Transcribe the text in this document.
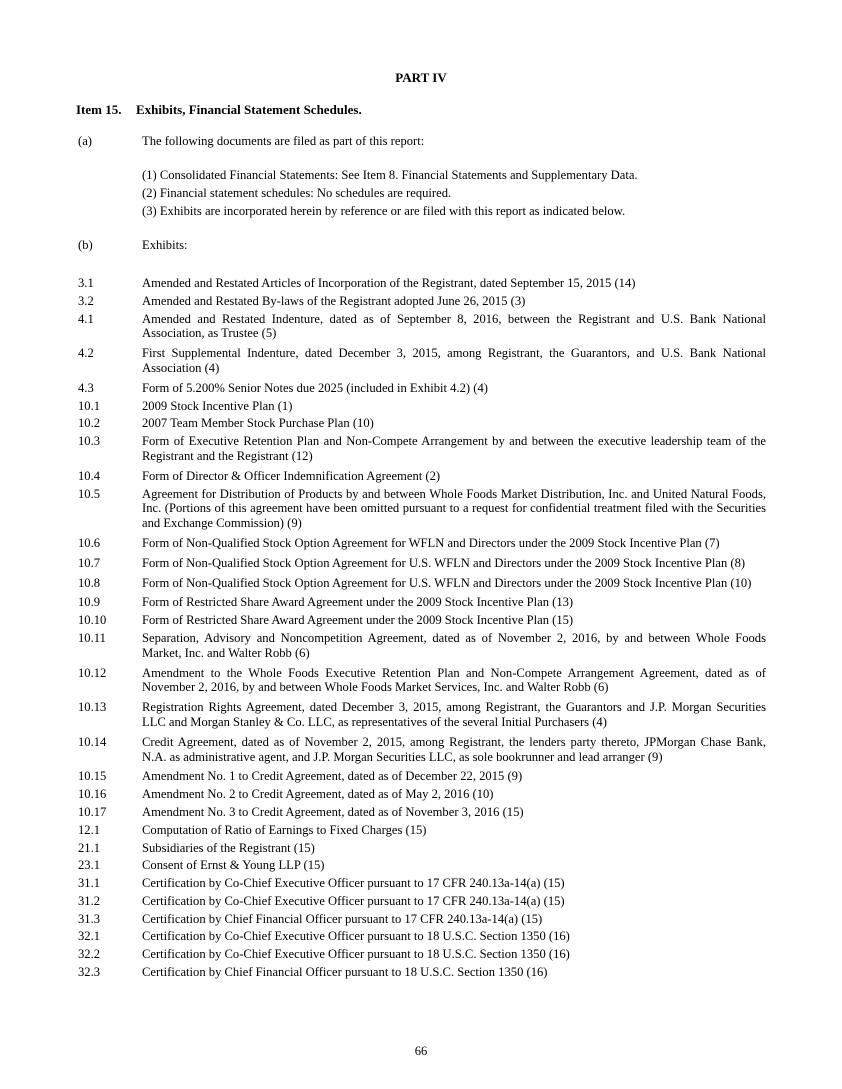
PART IV
Item 15. Exhibits, Financial Statement Schedules.
(a)	The following documents are filed as part of this report:
(1) Consolidated Financial Statements: See Item 8. Financial Statements and Supplementary Data.
(2) Financial statement schedules: No schedules are required.
(3) Exhibits are incorporated herein by reference or are filed with this report as indicated below.
(b)	Exhibits:
3.1	Amended and Restated Articles of Incorporation of the Registrant, dated September 15, 2015 (14)
3.2	Amended and Restated By-laws of the Registrant adopted June 26, 2015 (3)
4.1	Amended and Restated Indenture, dated as of September 8, 2016, between the Registrant and U.S. Bank National Association, as Trustee (5)
4.2	First Supplemental Indenture, dated December 3, 2015, among Registrant, the Guarantors, and U.S. Bank National Association (4)
4.3	Form of 5.200% Senior Notes due 2025 (included in Exhibit 4.2) (4)
10.1	2009 Stock Incentive Plan (1)
10.2	2007 Team Member Stock Purchase Plan (10)
10.3	Form of Executive Retention Plan and Non-Compete Arrangement by and between the executive leadership team of the Registrant and the Registrant (12)
10.4	Form of Director & Officer Indemnification Agreement (2)
10.5	Agreement for Distribution of Products by and between Whole Foods Market Distribution, Inc. and United Natural Foods, Inc. (Portions of this agreement have been omitted pursuant to a request for confidential treatment filed with the Securities and Exchange Commission) (9)
10.6	Form of Non-Qualified Stock Option Agreement for WFLN and Directors under the 2009 Stock Incentive Plan (7)
10.7	Form of Non-Qualified Stock Option Agreement for U.S. WFLN and Directors under the 2009 Stock Incentive Plan (8)
10.8	Form of Non-Qualified Stock Option Agreement for U.S. WFLN and Directors under the 2009 Stock Incentive Plan (10)
10.9	Form of Restricted Share Award Agreement under the 2009 Stock Incentive Plan (13)
10.10	Form of Restricted Share Award Agreement under the 2009 Stock Incentive Plan (15)
10.11	Separation, Advisory and Noncompetition Agreement, dated as of November 2, 2016, by and between Whole Foods Market, Inc. and Walter Robb (6)
10.12	Amendment to the Whole Foods Executive Retention Plan and Non-Compete Arrangement Agreement, dated as of November 2, 2016, by and between Whole Foods Market Services, Inc. and Walter Robb (6)
10.13	Registration Rights Agreement, dated December 3, 2015, among Registrant, the Guarantors and J.P. Morgan Securities LLC and Morgan Stanley & Co. LLC, as representatives of the several Initial Purchasers (4)
10.14	Credit Agreement, dated as of November 2, 2015, among Registrant, the lenders party thereto, JPMorgan Chase Bank, N.A. as administrative agent, and J.P. Morgan Securities LLC, as sole bookrunner and lead arranger (9)
10.15	Amendment No. 1 to Credit Agreement, dated as of December 22, 2015 (9)
10.16	Amendment No. 2 to Credit Agreement, dated as of May 2, 2016 (10)
10.17	Amendment No. 3 to Credit Agreement, dated as of November 3, 2016 (15)
12.1	Computation of Ratio of Earnings to Fixed Charges (15)
21.1	Subsidiaries of the Registrant (15)
23.1	Consent of Ernst & Young LLP (15)
31.1	Certification by Co-Chief Executive Officer pursuant to 17 CFR 240.13a-14(a) (15)
31.2	Certification by Co-Chief Executive Officer pursuant to 17 CFR 240.13a-14(a) (15)
31.3	Certification by Chief Financial Officer pursuant to 17 CFR 240.13a-14(a) (15)
32.1	Certification by Co-Chief Executive Officer pursuant to 18 U.S.C. Section 1350 (16)
32.2	Certification by Co-Chief Executive Officer pursuant to 18 U.S.C. Section 1350 (16)
32.3	Certification by Chief Financial Officer pursuant to 18 U.S.C. Section 1350 (16)
66
